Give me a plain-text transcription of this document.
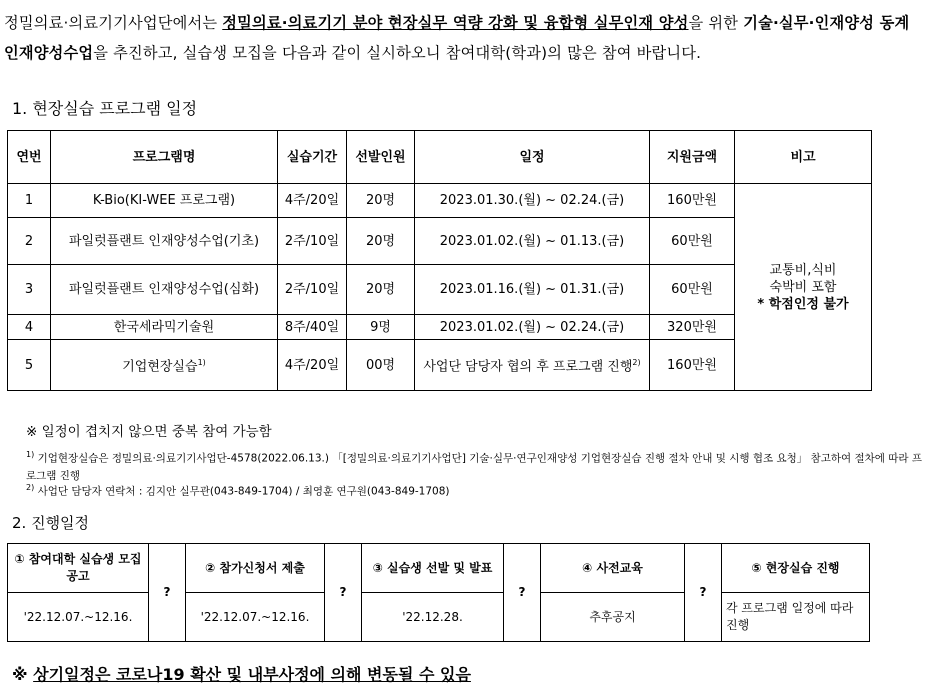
정밀의료·의료기기사업단에서는 정밀의료·의료기기 분야 현장실무 역량 강화 및 융합형 실무인재 양성을 위한 기술·실무·인재양성 동계 인재양성수업을 추진하고, 실습생 모집을 다음과 같이 실시하오니 참여대학(학과)의 많은 참여 바랍니다.
1. 현장실습 프로그램 일정
연번	프로그램명	실습기간	선발인원	일정	지원금액	비고
1	K-Bio(KI-WEE 프로그램)	4주/20일	20명	2023.01.30.(월) ~ 02.24.(금)	160만원	교통비,식비
숙박비 포함
* 학점인정 불가

2	파일럿플랜트 인재양성수업(기초)	2주/10일	20명	2023.01.02.(월) ~ 01.13.(금)	60만원	
3	파일럿플랜트 인재양성수업(심화)	2주/10일	20명	2023.01.16.(월) ~ 01.31.(금)	60만원	
4	한국세라믹기술원	8주/40일	9명	2023.01.02.(월) ~ 02.24.(금)	320만원	
5	기업현장실습$^{1)}$	4주/20일	00명	사업단 담당자 협의 후 프로그램 진행$^{2)}$	160만원	
※ 일정이 겹치지 않으면 중복 참여 가능함
$^{1)}$ 기업현장실습은 정밀의료·의료기기사업단-4578(2022.06.13.) 「[정밀의료·의료기기사업단] 기술·실무·연구인재양성 기업현장실습 진행 절차 안내 및 시행 협조 요청」 참고하여 절차에 따라 프로그램 진행
$^{2)}$ 사업단 담당자 연락처 : 김지안 실무관(043-849-1704) / 최영훈 연구원(043-849-1708)
2. 진행일정
① 참여대학 실습생 모집 공고	?	② 참가신청서 제출	?	③ 실습생 선발 및 발표	?	④ 사전교육	?	⑤ 현장실습 진행
'22.12.07.~12.16.		'22.12.07.~12.16.		'22.12.28.		추후공지		각 프로그램 일정에 따라 진행
※ 상기일정은 코로나19 확산 및 내부사정에 의해 변동될 수 있음
